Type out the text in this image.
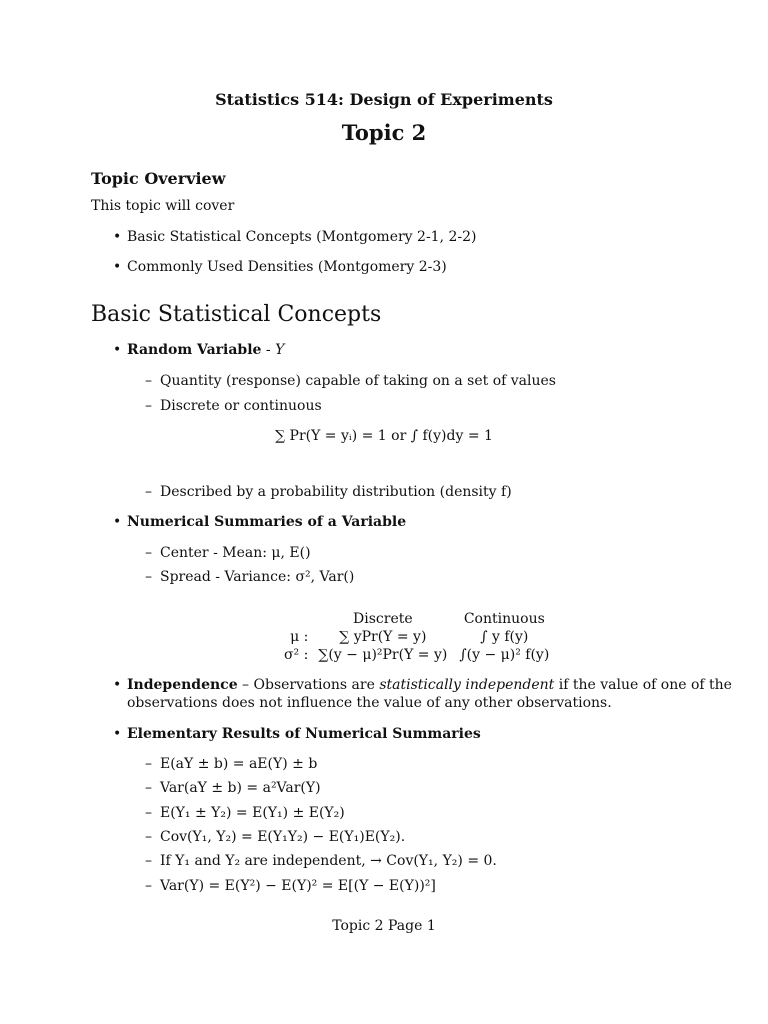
Statistics 514: Design of Experiments
Topic 2
Topic Overview
This topic will cover
• Basic Statistical Concepts (Montgomery 2-1, 2-2)
• Commonly Used Densities (Montgomery 2-3)
Basic Statistical Concepts
• Random Variable - Y
– Quantity (response) capable of taking on a set of values
– Discrete or continuous
∑ Pr(Y = yᵢ) = 1 or ∫ f(y)dy = 1
– Described by a probability distribution (density f)
• Numerical Summaries of a Variable
– Center - Mean: μ, E()
– Spread - Variance: σ², Var()
	Discrete	Continuous
μ :	∑ yPr(Y = y)	∫ y f(y)
σ² :	∑(y − μ)²Pr(Y = y)	∫(y − μ)² f(y)
• Independence – Observations are statistically independent if the value of one of the
observations does not influence the value of any other observations.
• Elementary Results of Numerical Summaries
– E(aY ± b) = aE(Y) ± b
– Var(aY ± b) = a²Var(Y)
– E(Y₁ ± Y₂) = E(Y₁) ± E(Y₂)
– Cov(Y₁, Y₂) = E(Y₁Y₂) − E(Y₁)E(Y₂).
– If Y₁ and Y₂ are independent, → Cov(Y₁, Y₂) = 0.
– Var(Y) = E(Y²) − E(Y)² = E[(Y − E(Y))²]
Topic 2 Page 1
